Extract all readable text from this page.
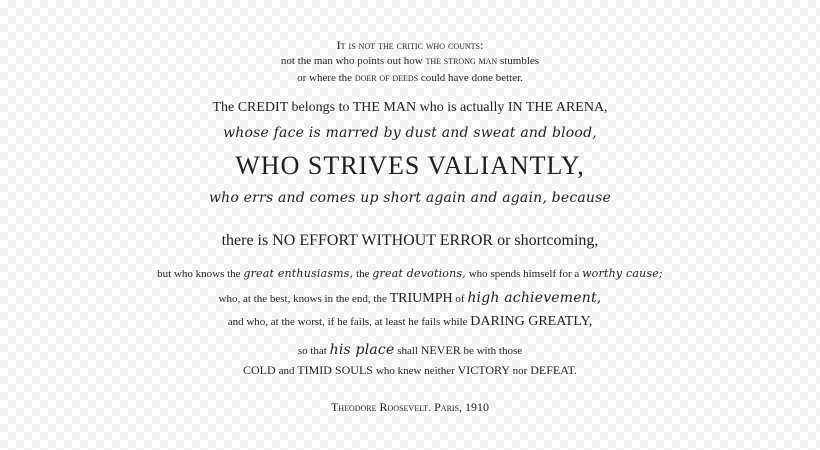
It is not the critic who counts:
not the man who points out how the strong man stumbles
or where the doer of deeds could have done better.
The CREDIT belongs to THE MAN who is actually IN THE ARENA,
whose face is marred by dust and sweat and blood,
WHO STRIVES VALIANTLY,
who errs and comes up short again and again, because
there is NO EFFORT WITHOUT ERROR or shortcoming,
but who knows the great enthusiasms, the great devotions, who spends himself for a worthy cause;
who, at the best, knows in the end, the TRIUMPH of high achievement,
and who, at the worst, if he fails, at least he fails while DARING GREATLY,
so that his place shall NEVER be with those
COLD and TIMID SOULS who knew neither VICTORY nor DEFEAT.
Theodore Roosevelt. Paris, 1910
